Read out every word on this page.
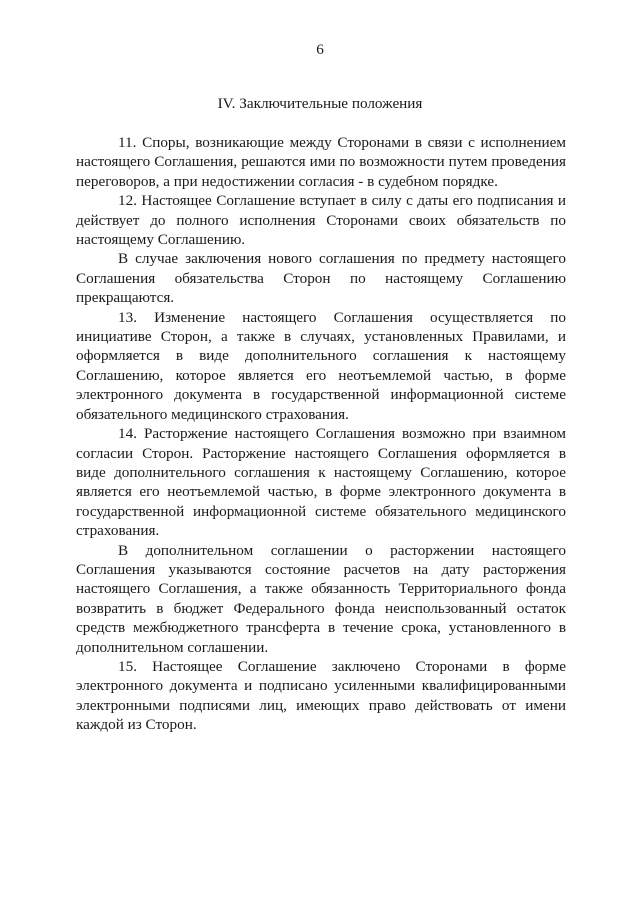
6
IV. Заключительные положения

11. Споры, возникающие между Сторонами в связи с исполнением настоящего Соглашения, решаются ими по возможности путем проведения переговоров, а при недостижении согласия - в судебном порядке.

12. Настоящее Соглашение вступает в силу с даты его подписания и действует до полного исполнения Сторонами своих обязательств по настоящему Соглашению.

В случае заключения нового соглашения по предмету настоящего Соглашения обязательства Сторон по настоящему Соглашению прекращаются.

13. Изменение настоящего Соглашения осуществляется по инициативе Сторон, а также в случаях, установленных Правилами, и оформляется в виде дополнительного соглашения к настоящему Соглашению, которое является его неотъемлемой частью, в форме электронного документа в государственной информационной системе обязательного медицинского страхования.

14. Расторжение настоящего Соглашения возможно при взаимном согласии Сторон. Расторжение настоящего Соглашения оформляется в виде дополнительного соглашения к настоящему Соглашению, которое является его неотъемлемой частью, в форме электронного документа в государственной информационной системе обязательного медицинского страхования.

В дополнительном соглашении о расторжении настоящего Соглашения указываются состояние расчетов на дату расторжения настоящего Соглашения, а также обязанность Территориального фонда возвратить в бюджет Федерального фонда неиспользованный остаток средств межбюджетного трансферта в течение срока, установленного в дополнительном соглашении.

15. Настоящее Соглашение заключено Сторонами в форме электронного документа и подписано усиленными квалифицированными электронными подписями лиц, имеющих право действовать от имени каждой из Сторон.
